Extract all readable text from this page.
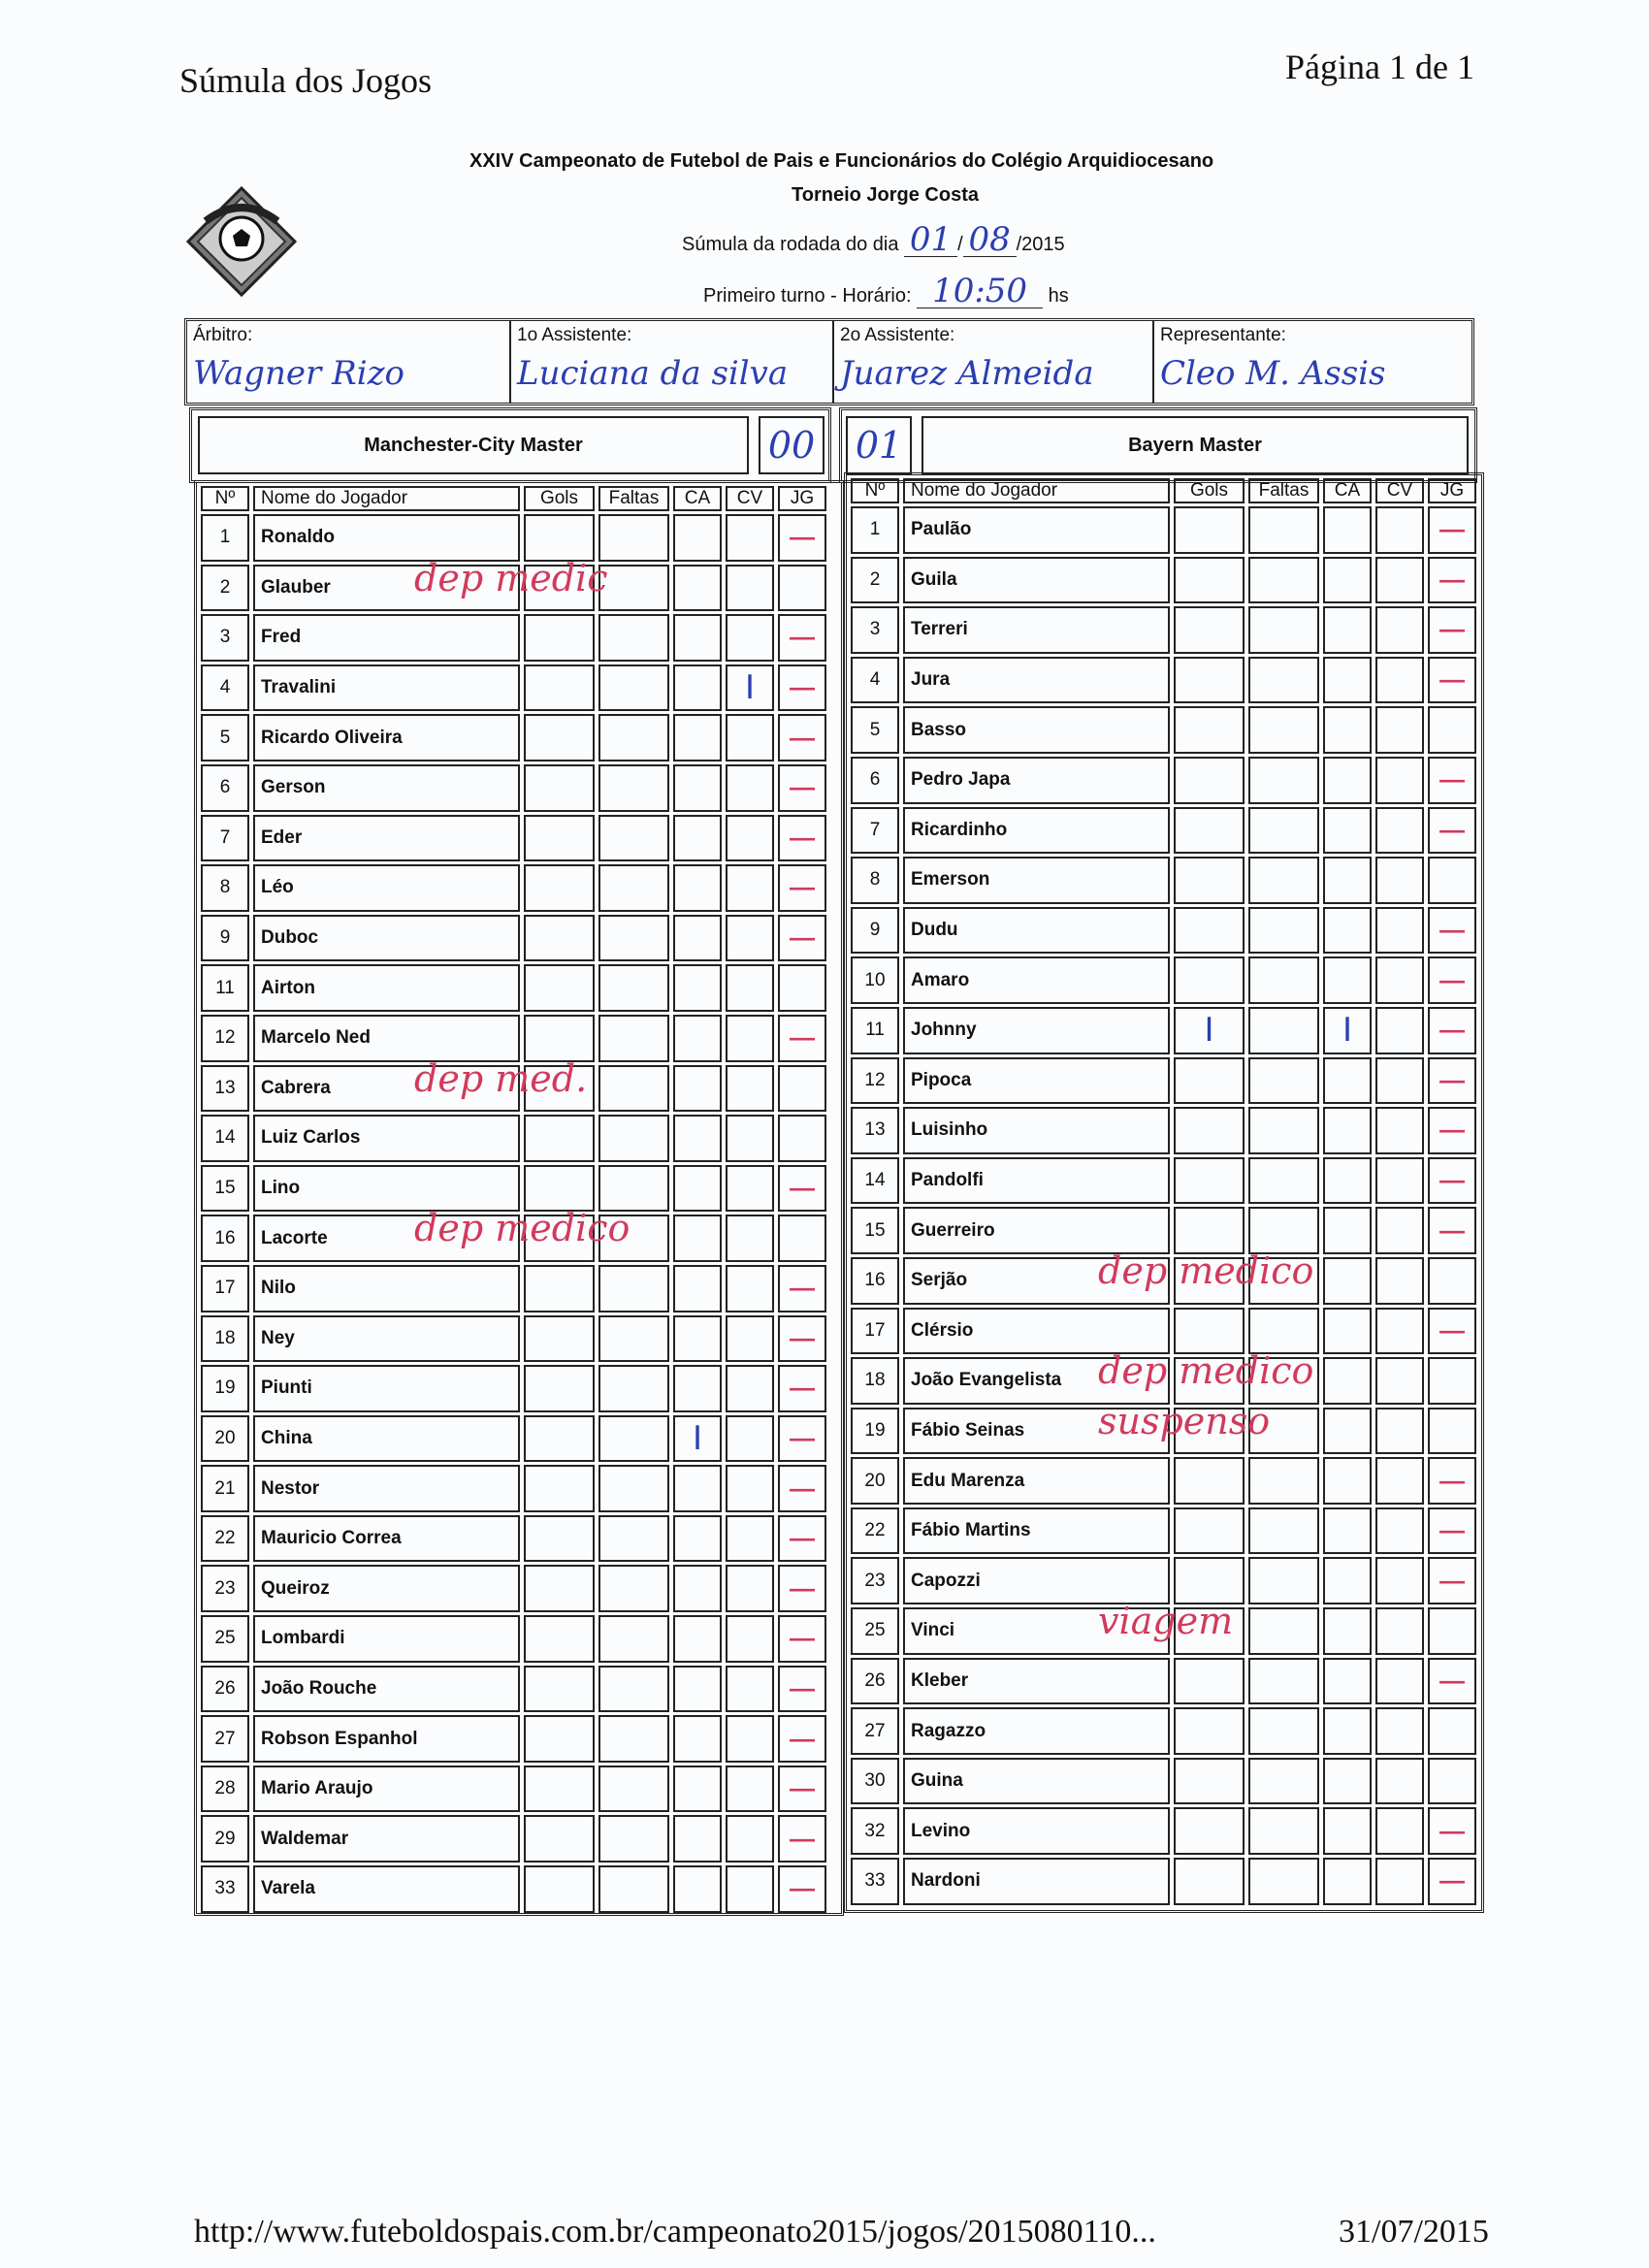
Súmula dos Jogos	Página 1 de 1
XXIV Campeonato de Futebol de Pais e Funcionários do Colégio Arquidiocesano
Torneio Jorge Costa
Súmula da rodada do dia 01 / 08 /2015
Primeiro turno - Horário: 10:50 hs
Árbitro:
Wagner Rizo
1o Assistente:
Luciana da silva
2o Assistente:
Juarez Almeida
Representante:
Cleo M. Assis
Manchester-City Master	00 01	Bayern Master
Nº	Nome do Jogador	Gols	Faltas	CA	CV	JG
1	Ronaldo					—
2	Glauber					
3	Fred					—
4	Travalini				I	—
5	Ricardo Oliveira					—
6	Gerson					—
7	Eder					—
8	Léo					—
9	Duboc					—
11	Airton					
12	Marcelo Ned					—
13	Cabrera					
14	Luiz Carlos					
15	Lino					—
16	Lacorte					
17	Nilo					—
18	Ney					—
19	Piunti					—
20	China			I		—
21	Nestor					—
22	Mauricio Correa					—
23	Queiroz					—
25	Lombardi					—
26	João Rouche					—
27	Robson Espanhol					—
28	Mario Araujo					—
29	Waldemar					—
33	Varela					—
Nº	Nome do Jogador	Gols	Faltas	CA	CV	JG
1	Paulão					—
2	Guila					—
3	Terreri					—
4	Jura					—
5	Basso					
6	Pedro Japa					—
7	Ricardinho					—
8	Emerson					
9	Dudu					—
10	Amaro					—
11	Johnny	I		I		—
12	Pipoca					—
13	Luisinho					—
14	Pandolfi					—
15	Guerreiro					—
16	Serjão					
17	Clérsio					—
18	João Evangelista					
19	Fábio Seinas					
20	Edu Marenza					—
22	Fábio Martins					—
23	Capozzi					—
25	Vinci					
26	Kleber					—
27	Ragazzo					
30	Guina					
32	Levino					—
33	Nardoni					—
dep medic
dep med.
dep medico
dep medico
dep medico
suspenso
viagem
http://www.futeboldospais.com.br/campeonato2015/jogos/2015080110...	31/07/2015
